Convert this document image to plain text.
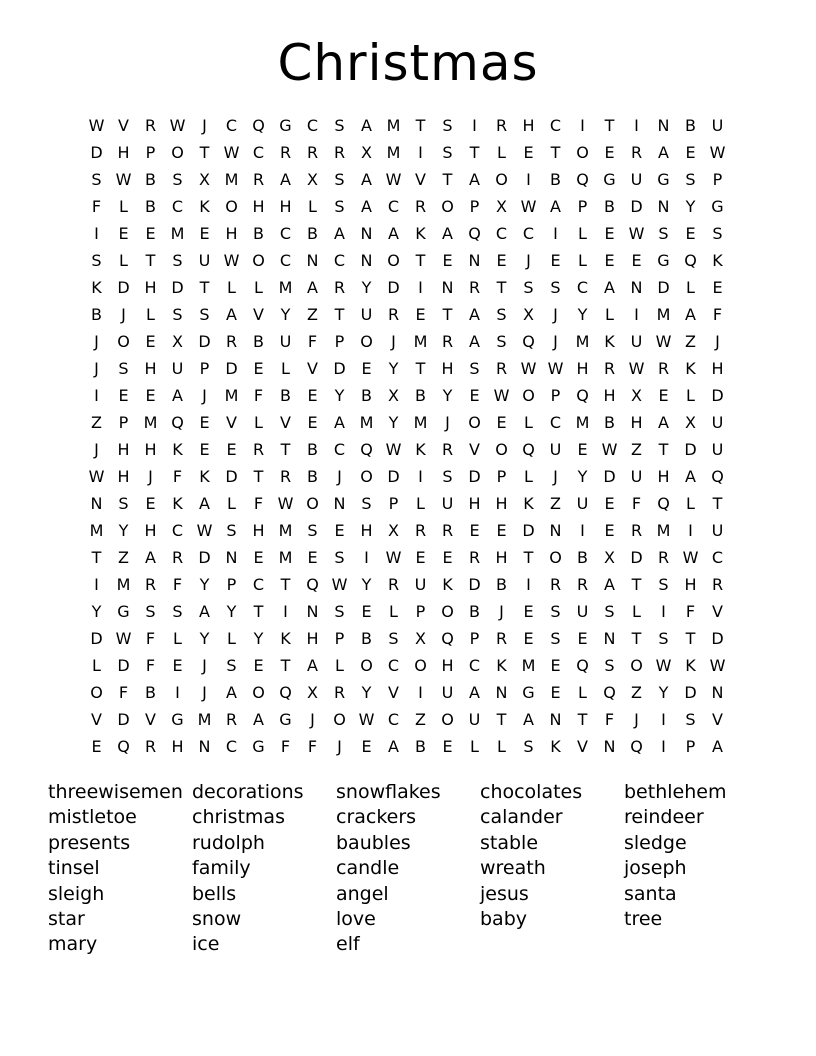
Christmas
W V R W	J	C Q G C	S	A M T	S	I	R H C	I	T	I	N B U
D H	P O T W C R R R X M	I	S	T	L	E	T O E	R A	E W
S W B	S	X M R A	X	S	A W V	T	A O	I	B Q G U G S	P
F	L	B C	K O H H	L	S	A C R O P	X W A	P	B D N	Y G
I	E	E M E H B C B	A N A	K	A Q C C	I	L	E W S	E	S
S	L	T	S	U W O C N C N O T	E N E	J	E	L	E	E G Q K
K D H D T	L	L M A R	Y D	I	N R	T	S	S	C A N D	L	E
B	J	L	S	S	A	V	Y	Z	T	U R	E	T	A	S	X	J	Y	L	I	M A	F
J	O E	X D R B U	F	P O	J	M R A	S Q	J	M K U W Z	J
J	S H U	P	D E	L	V D E	Y	T	H S	R W W H R W R	K H
I	E	E	A	J	M F	B	E	Y	B	X	B	Y	E W O P Q H X	E	L	D
Z	P M Q E	V	L	V	E	A M Y M	J	O E	L	C M B H A	X U
J	H H K	E	E	R	T	B C Q W K	R V O Q U	E W Z	T D U
W H	J	F	K D T	R B	J	O D	I	S D	P	L	J	Y D U H A Q
N S	E	K	A	L	F W O N S	P	L	U H H K	Z U	E	F	Q	L	T
M Y	H C W S H M S	E H X R R	E	E D N	I	E	R M	I	U
T	Z	A R D N E M E	S	I	W E	E	R H	T O B	X D R W C
I	M R	F	Y	P	C	T Q W Y	R U K D B	I	R R A	T	S H R
Y G S	S	A	Y	T	I	N S	E	L	P O B	J	E	S	U	S	L	I	F	V
D W F	L	Y	L	Y	K H	P	B	S	X Q P	R	E	S	E N	T	S	T D
L	D	F	E	J	S	E	T	A	L	O C O H C	K M E Q S O W K W
O	F	B	I	J	A O Q X R	Y	V	I	U A N G E	L	Q Z	Y D N
V D V G M R A G	J	O W C Z O U	T	A N	T	F	J	I	S	V
E Q R H N C G	F	F	J	E	A	B	E	L	L	S	K	V N Q	I	P	A
threewisemen
mistletoe
presents
tinsel
sleigh
star
mary
decorations
christmas
rudolph
family
bells
snow
ice
snowflakes
crackers
baubles
candle
angel
love
elf
chocolates
calander
stable
wreath
jesus
baby
bethlehem
reindeer
sledge
joseph
santa
tree
